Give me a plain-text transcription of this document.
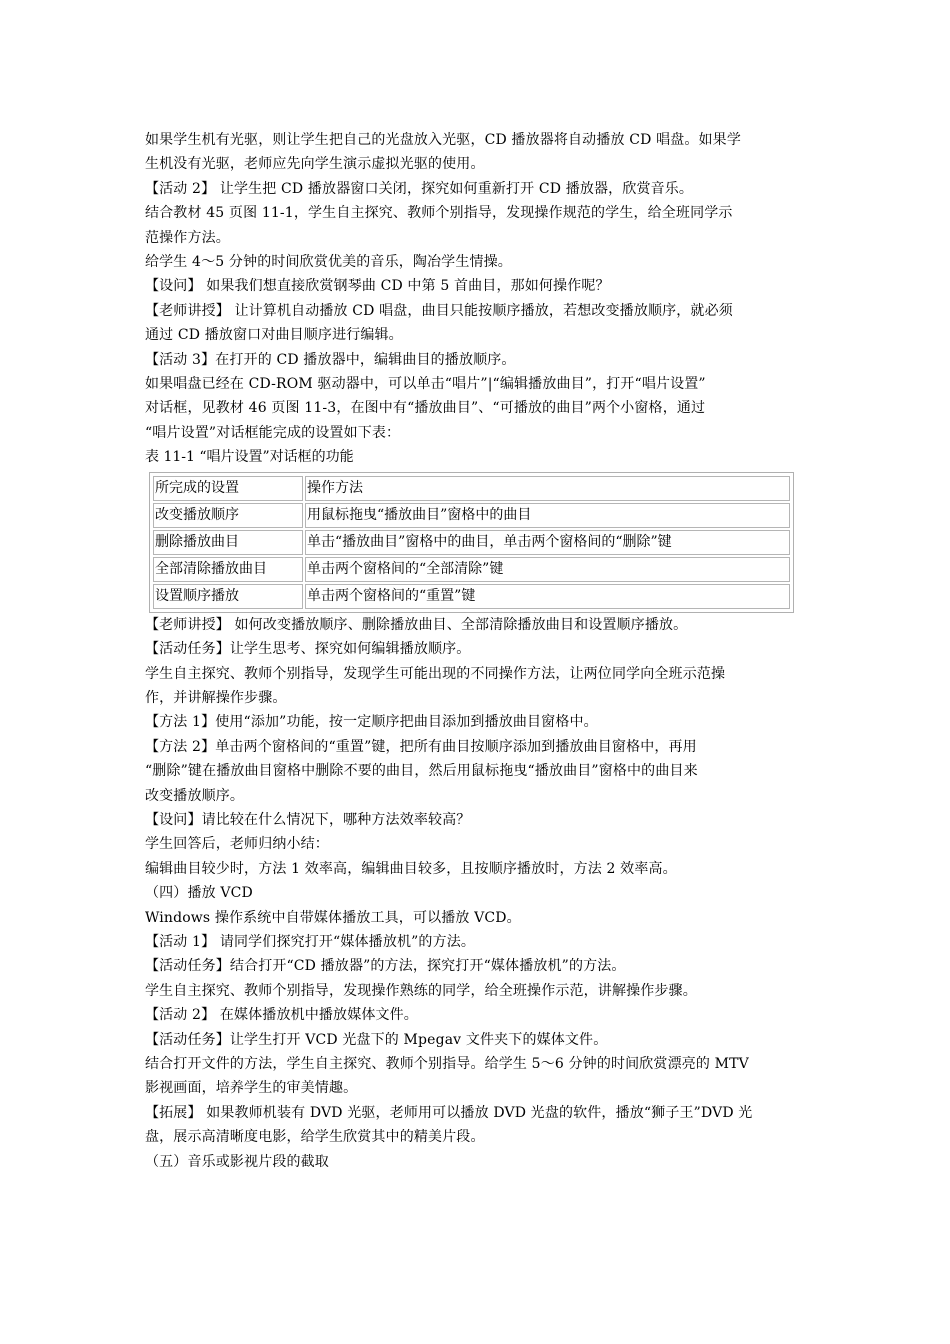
如果学生机有光驱，则让学生把自己的光盘放入光驱，CD 播放器将自动播放 CD 唱盘。如果学
生机没有光驱，老师应先向学生演示虚拟光驱的使用。
【活动 2】 让学生把 CD 播放器窗口关闭，探究如何重新打开 CD 播放器，欣赏音乐。
结合教材 45 页图 11-1，学生自主探究、教师个别指导，发现操作规范的学生，给全班同学示
范操作方法。
给学生 4～5 分钟的时间欣赏优美的音乐，陶冶学生情操。
【设问】 如果我们想直接欣赏钢琴曲 CD 中第 5 首曲目，那如何操作呢？
【老师讲授】 让计算机自动播放 CD 唱盘，曲目只能按顺序播放，若想改变播放顺序，就必须
通过 CD 播放窗口对曲目顺序进行编辑。
【活动 3】在打开的 CD 播放器中，编辑曲目的播放顺序。
如果唱盘已经在 CD-ROM 驱动器中，可以单击“唱片”|“编辑播放曲目”，打开“唱片设置”
对话框，见教材 46 页图 11-3，在图中有“播放曲目”、“可播放的曲目”两个小窗格，通过
“唱片设置”对话框能完成的设置如下表：
表 11-1 “唱片设置”对话框的功能
所完成的设置	操作方法
改变播放顺序	用鼠标拖曳“播放曲目”窗格中的曲目
删除播放曲目	单击“播放曲目”窗格中的曲目，单击两个窗格间的“删除”键
全部清除播放曲目	单击两个窗格间的“全部清除”键
设置顺序播放	单击两个窗格间的“重置”键
【老师讲授】 如何改变播放顺序、删除播放曲目、全部清除播放曲目和设置顺序播放。
【活动任务】让学生思考、探究如何编辑播放顺序。
学生自主探究、教师个别指导，发现学生可能出现的不同操作方法，让两位同学向全班示范操
作，并讲解操作步骤。
【方法 1】使用“添加”功能，按一定顺序把曲目添加到播放曲目窗格中。
【方法 2】单击两个窗格间的“重置”键，把所有曲目按顺序添加到播放曲目窗格中，再用
“删除”键在播放曲目窗格中删除不要的曲目，然后用鼠标拖曳“播放曲目”窗格中的曲目来
改变播放顺序。
【设问】请比较在什么情况下，哪种方法效率较高？
学生回答后，老师归纳小结：
编辑曲目较少时，方法 1 效率高，编辑曲目较多，且按顺序播放时，方法 2 效率高。
（四）播放 VCD
Windows 操作系统中自带媒体播放工具，可以播放 VCD。
【活动 1】 请同学们探究打开“媒体播放机”的方法。
【活动任务】结合打开“CD 播放器”的方法，探究打开“媒体播放机”的方法。
学生自主探究、教师个别指导，发现操作熟练的同学，给全班操作示范，讲解操作步骤。
【活动 2】 在媒体播放机中播放媒体文件。
【活动任务】让学生打开 VCD 光盘下的 Mpegav 文件夹下的媒体文件。
结合打开文件的方法，学生自主探究、教师个别指导。给学生 5～6 分钟的时间欣赏漂亮的 MTV
影视画面，培养学生的审美情趣。
【拓展】 如果教师机装有 DVD 光驱，老师用可以播放 DVD 光盘的软件，播放“狮子王”DVD 光
盘，展示高清晰度电影，给学生欣赏其中的精美片段。
（五）音乐或影视片段的截取
